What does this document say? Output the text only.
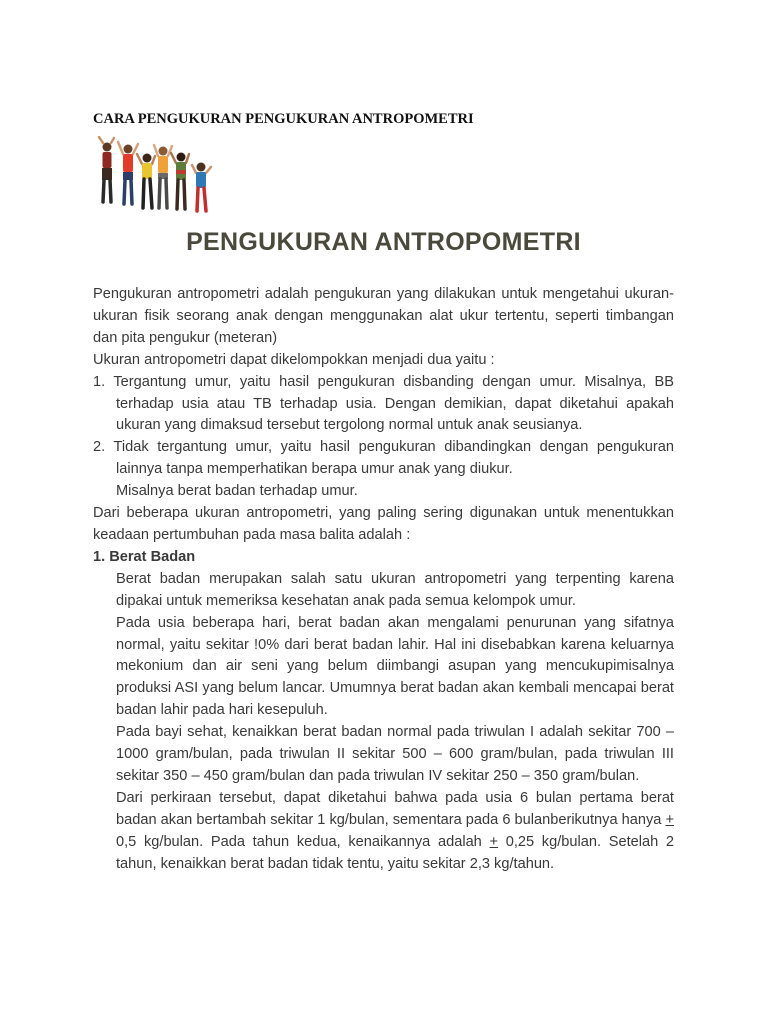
CARA PENGUKURAN PENGUKURAN ANTROPOMETRI
PENGUKURAN ANTROPOMETRI

Pengukuran antropometri adalah pengukuran yang dilakukan untuk mengetahui ukuran-ukuran fisik seorang anak dengan menggunakan alat ukur tertentu, seperti timbangan dan pita pengukur (meteran)

Ukuran antropometri dapat dikelompokkan menjadi dua yaitu :

1. Tergantung umur, yaitu hasil pengukuran disbanding dengan umur. Misalnya, BB terhadap usia atau TB terhadap usia. Dengan demikian, dapat diketahui apakah ukuran yang dimaksud tersebut tergolong normal untuk anak seusianya.

2. Tidak tergantung umur, yaitu hasil pengukuran dibandingkan dengan pengukuran lainnya tanpa memperhatikan berapa umur anak yang diukur.

Misalnya berat badan terhadap umur.

Dari beberapa ukuran antropometri, yang paling sering digunakan untuk menentukkan keadaan pertumbuhan pada masa balita adalah :

1. Berat Badan

Berat badan merupakan salah satu ukuran antropometri yang terpenting karena dipakai untuk memeriksa kesehatan anak pada semua kelompok umur.

Pada usia beberapa hari, berat badan akan mengalami penurunan yang sifatnya normal, yaitu sekitar !0% dari berat badan lahir. Hal ini disebabkan karena keluarnya mekonium dan air seni yang belum diimbangi asupan yang mencukupimisalnya produksi ASI yang belum lancar. Umumnya berat badan akan kembali mencapai berat badan lahir pada hari kesepuluh.

Pada bayi sehat, kenaikkan berat badan normal pada triwulan I adalah sekitar 700 –1000 gram/bulan, pada triwulan II sekitar 500 – 600 gram/bulan, pada triwulan III sekitar 350 – 450 gram/bulan dan pada triwulan IV sekitar 250 – 350 gram/bulan.

Dari perkiraan tersebut, dapat diketahui bahwa pada usia 6 bulan pertama berat badan akan bertambah sekitar 1 kg/bulan, sementara pada 6 bulanberikutnya hanya + 0,5 kg/bulan. Pada tahun kedua, kenaikannya adalah + 0,25 kg/bulan. Setelah 2 tahun, kenaikkan berat badan tidak tentu, yaitu sekitar 2,3 kg/tahun.
